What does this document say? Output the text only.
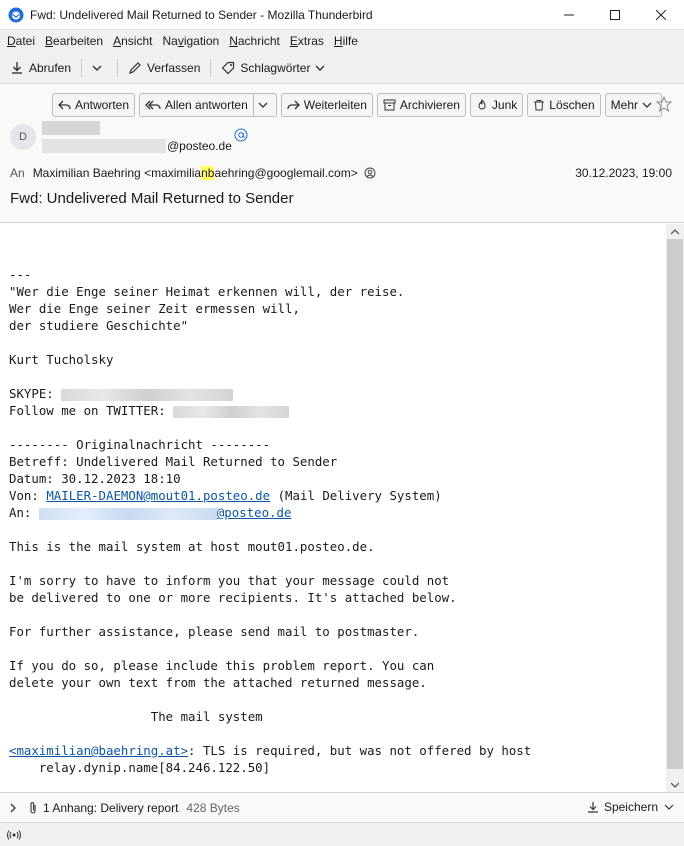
Fwd: Undelivered Mail Returned to Sender - Mozilla Thunderbird
Datei Bearbeiten Ansicht Navigation Nachricht Extras Hilfe
Abrufen	Verfassen	Schlagwörter
Antworten	Allen antworten	Weiterleiten	Archivieren	Junk	Löschen Mehr
D
@posteo.de
An Maximilian Baehring <maximilianbaehring@googlemail.com>	30.12.2023, 19:00
Fwd: Undelivered Mail Returned to Sender
---
"Wer die Enge seiner Heimat erkennen will, der reise.
Wer die Enge seiner Zeit ermessen will,
der studiere Geschichte"
Kurt Tucholsky
SKYPE:
Follow me on TWITTER:
-------- Originalnachricht --------
Betreff: Undelivered Mail Returned to Sender
Datum: 30.12.2023 18:10
Von: MAILER-DAEMON@mout01.posteo.de (Mail Delivery System)
An:	@posteo.de
This is the mail system at host mout01.posteo.de.
I'm sorry to have to inform you that your message could not
be delivered to one or more recipients. It's attached below.
For further assistance, please send mail to postmaster.
If you do so, please include this problem report. You can
delete your own text from the attached returned message.
The mail system
<maximilian@baehring.at>: TLS is required, but was not offered by host
relay.dynip.name[84.246.122.50]
1 Anhang: Delivery report 428 Bytes	Speichern
